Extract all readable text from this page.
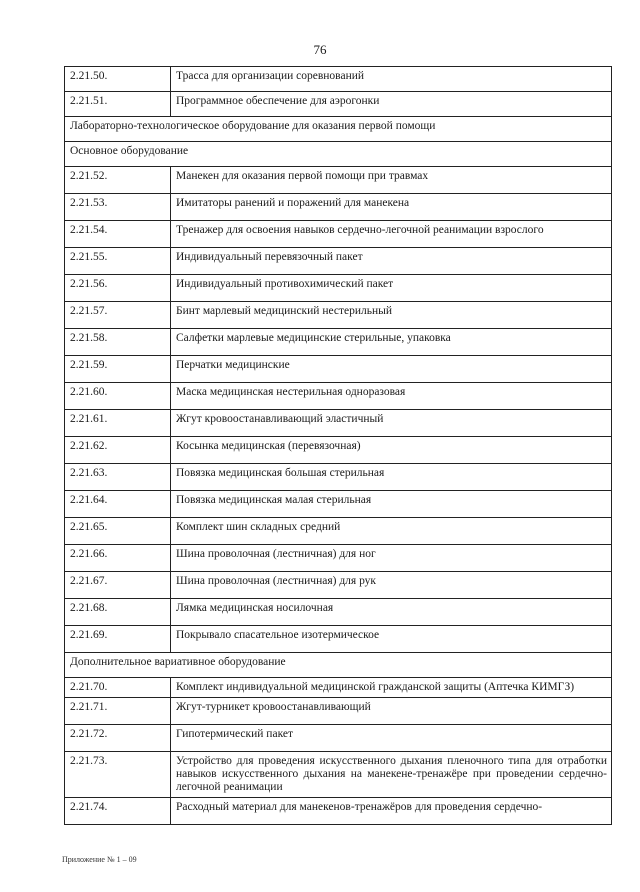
76
2.21.50.	Трасса для организации соревнований
2.21.51.	Программное обеспечение для аэрогонки
Лабораторно-технологическое оборудование для оказания первой помощи	
Основное оборудование	
2.21.52.	Манекен для оказания первой помощи при травмах
2.21.53.	Имитаторы ранений и поражений для манекена
2.21.54.	Тренажер для освоения навыков сердечно-легочной реанимации взрослого
2.21.55.	Индивидуальный перевязочный пакет
2.21.56.	Индивидуальный противохимический пакет
2.21.57.	Бинт марлевый медицинский нестерильный
2.21.58.	Салфетки марлевые медицинские стерильные, упаковка
2.21.59.	Перчатки медицинские
2.21.60.	Маска медицинская нестерильная одноразовая
2.21.61.	Жгут кровоостанавливающий эластичный
2.21.62.	Косынка медицинская (перевязочная)
2.21.63.	Повязка медицинская большая стерильная
2.21.64.	Повязка медицинская малая стерильная
2.21.65.	Комплект шин складных средний
2.21.66.	Шина проволочная (лестничная) для ног
2.21.67.	Шина проволочная (лестничная) для рук
2.21.68.	Лямка медицинская носилочная
2.21.69.	Покрывало спасательное изотермическое
Дополнительное вариативное оборудование	
2.21.70.	Комплект индивидуальной медицинской гражданской защиты (Аптечка КИМГЗ)
2.21.71.	Жгут-турникет кровоостанавливающий
2.21.72.	Гипотермический пакет
2.21.73.	Устройство для проведения искусственного дыхания пленочного типа для отработки навыков искусственного дыхания на манекене-тренажёре при проведении сердечно-легочной реанимации
2.21.74.	Расходный материал для манекенов-тренажёров для проведения сердечно-
Приложение № 1 – 09
